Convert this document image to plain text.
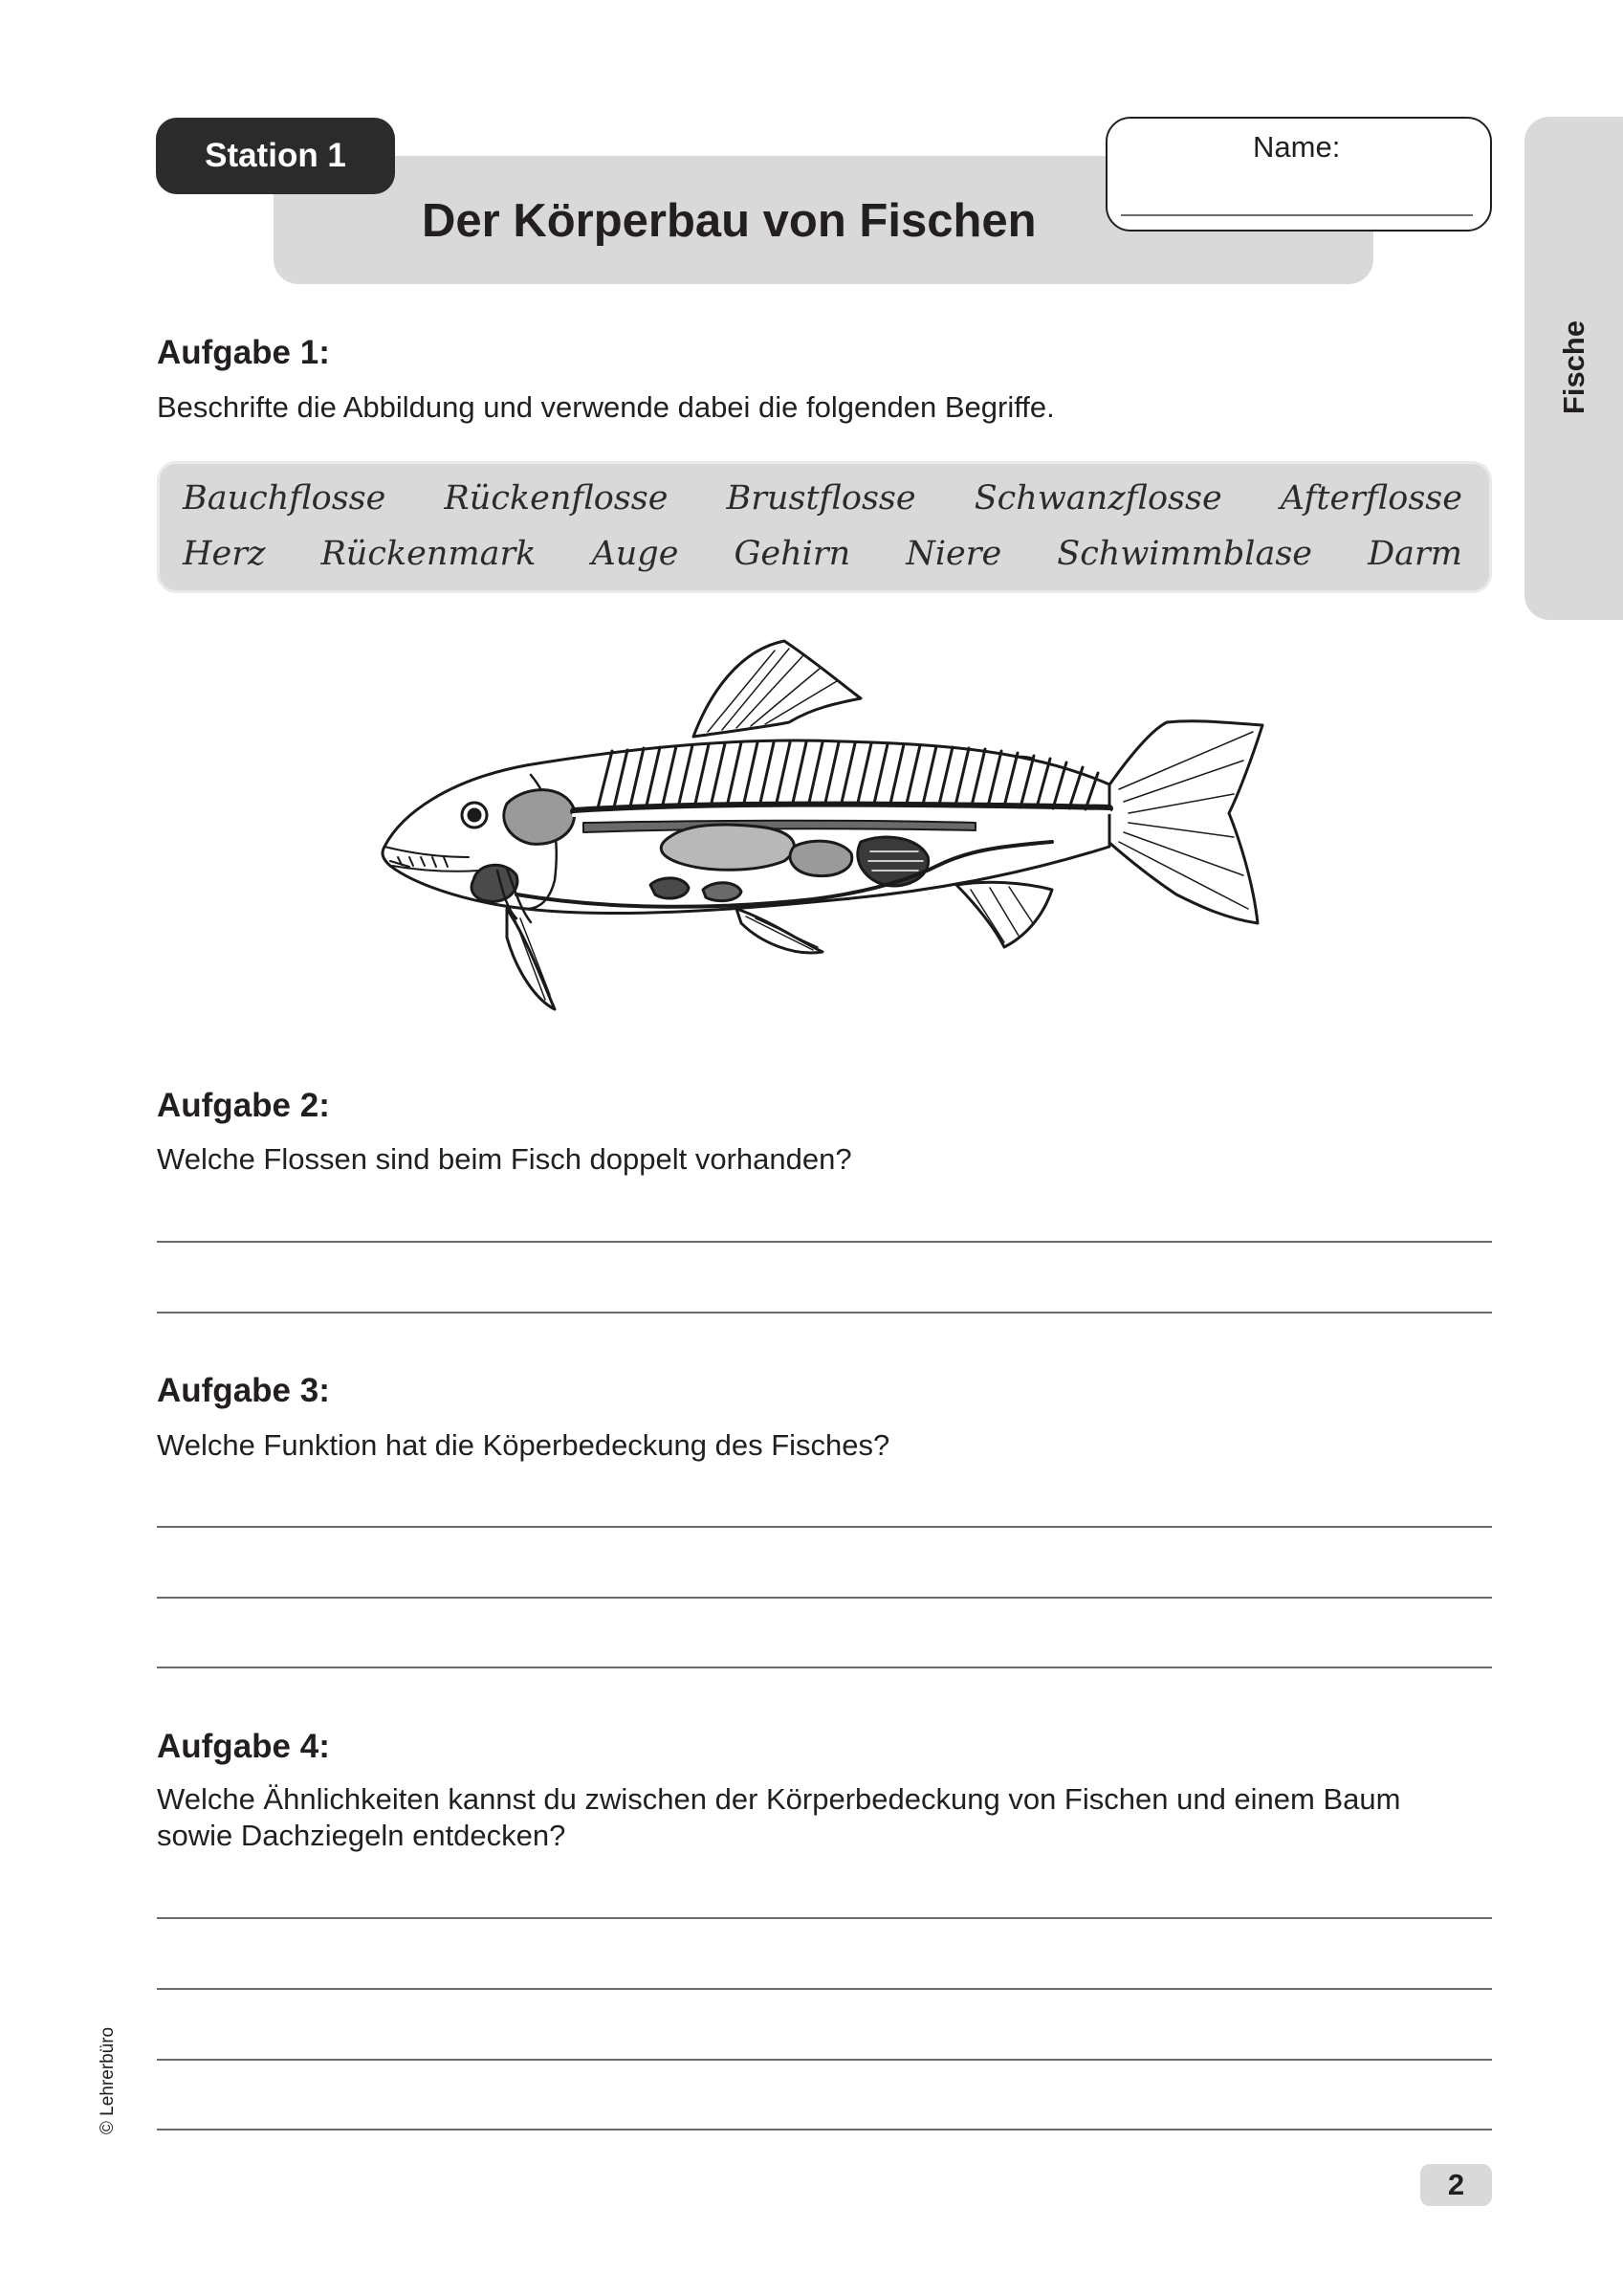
Station 1
Der Körperbau von Fischen
Name:
Fische
Aufgabe 1:
Beschrifte die Abbildung und verwende dabei die folgenden Begriffe.
Bauchflosse Rückenflosse Brustflosse Schwanzflosse Afterflosse
Herz Rückenmark Auge Gehirn Niere Schwimmblase Darm
Aufgabe 2:
Welche Flossen sind beim Fisch doppelt vorhanden?
Aufgabe 3:
Welche Funktion hat die Köperbedeckung des Fisches?
Aufgabe 4:
Welche Ähnlichkeiten kannst du zwischen der Körperbedeckung von Fischen und einem Baum
sowie Dachziegeln entdecken?
© Lehrerbüro
2
